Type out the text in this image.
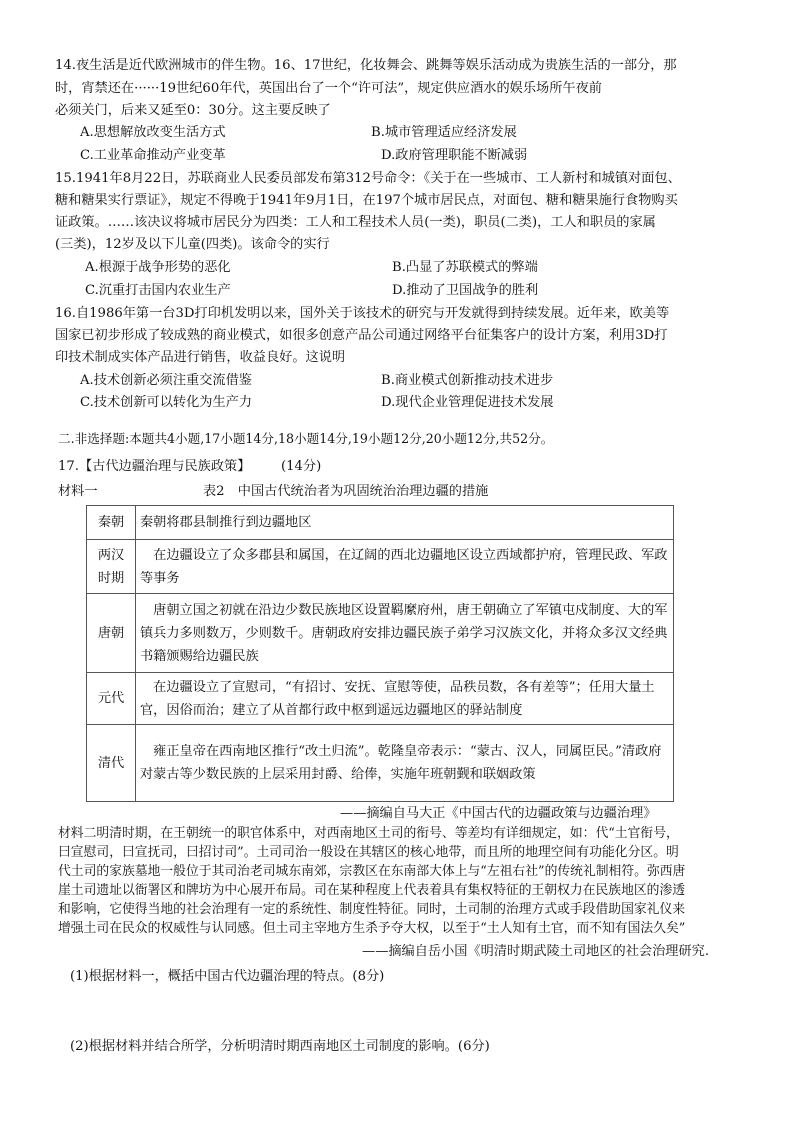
14.夜生活是近代欧洲城市的伴生物。16、17世纪，化妆舞会、跳舞等娱乐活动成为贵族生活的一部分，那
时，宵禁还在······19世纪60年代，英国出台了一个“许可法”，规定供应酒水的娱乐场所午夜前
必须关门，后来又延至0：30分。这主要反映了
A.思想解放改变生活方式	B.城市管理适应经济发展
C.工业革命推动产业变革	D.政府管理职能不断减弱
15.1941年8月22日，苏联商业人民委员部发布第312号命令：《关于在一些城市、工人新村和城镇对面包、
糖和糖果实行票证》，规定不得晚于1941年9月1日，在197个城市居民点，对面包、糖和糖果施行食物购买
证政策。……该决议将城市居民分为四类：工人和工程技术人员(一类)，职员(二类)，工人和职员的家属
(三类)，12岁及以下儿童(四类)。该命令的实行
A.根源于战争形势的恶化	B.凸显了苏联模式的弊端
C.沉重打击国内农业生产	D.推动了卫国战争的胜利
16.自1986年第一台3D打印机发明以来，国外关于该技术的研究与开发就得到持续发展。近年来，欧美等
国家已初步形成了较成熟的商业模式，如很多创意产品公司通过网络平台征集客户的设计方案，利用3D打
印技术制成实体产品进行销售，收益良好。这说明
A.技术创新必须注重交流借鉴	B.商业模式创新推动技术进步
C.技术创新可以转化为生产力	D.现代企业管理促进技术发展
二.非选择题:本题共4小题,17小题14分,18小题14分,19小题12分,20小题12分,共52分。
17.【古代边疆治理与民族政策】 (14分)
材料一	表2　中国古代统治者为巩固统治治理边疆的措施
秦朝	秦朝将郡县制推行到边疆地区
两汉时期	　在边疆设立了众多郡县和属国，在辽阔的西北边疆地区设立西域都护府，管理民政、军政等事务
唐朝	　唐朝立国之初就在沿边少数民族地区设置羁縻府州，唐王朝确立了军镇屯戍制度、大的军镇兵力多则数万，少则数千。唐朝政府安排边疆民族子弟学习汉族文化，并将众多汉文经典书籍颁赐给边疆民族
元代	　在边疆设立了宣慰司，“有招讨、安抚、宣慰等使，品秩员数，各有差等”；任用大量土官，因俗而治；建立了从首都行政中枢到遥远边疆地区的驿站制度
清代	　雍正皇帝在西南地区推行“改土归流”。乾隆皇帝表示：“蒙古、汉人，同属臣民。”清政府对蒙古等少数民族的上层采用封爵、给俸，实施年班朝觐和联姻政策
——摘编自马大正《中国古代的边疆政策与边疆治理》
材料二明清时期，在王朝统一的职官体系中，对西南地区土司的衔号、等差均有详细规定，如：代“土官衔号，
曰宣慰司，曰宣抚司，曰招讨司”。土司司治一般设在其辖区的核心地带，而且所的地理空间有功能化分区。明
代土司的家族墓地一般位于其司治老司城东南郊，宗教区在东南部大体上与“左祖右社”的传统礼制相符。弥西唐
崖土司遗址以衙署区和牌坊为中心展开布局。司在某种程度上代表着具有集权特征的王朝权力在民族地区的渗透
和影响，它使得当地的社会治理有一定的系统性、制度性特征。同时，土司制的治理方式或手段借助国家礼仪来
增强土司在民众的权威性与认同感。但土司主宰地方生杀予夺大权，以至于“土人知有土官，而不知有国法久矣”
——摘编自岳小国《明清时期武陵土司地区的社会治理研究.
(1)根据材料一，概括中国古代边疆治理的特点。(8分)
(2)根据材料并结合所学，分析明清时期西南地区土司制度的影响。(6分)
